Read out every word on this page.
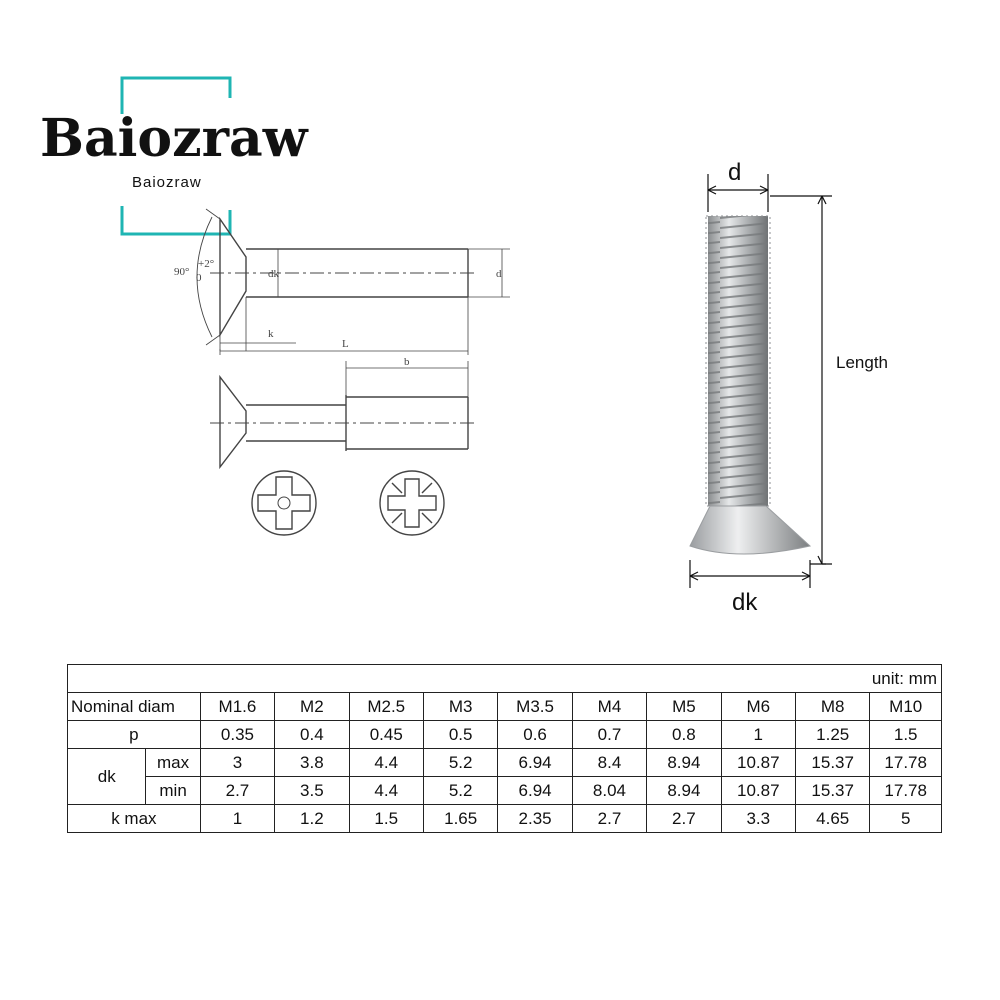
Baiozraw
Baiozraw
90°
+2°
0	dk	d
k
L
b
d
Length
dk
unit: mm											
Nominal diam		M1.6	M2	M2.5	M3	M3.5	M4	M5	M6	M8	M10
p		0.35	0.4	0.45	0.5	0.6	0.7	0.8	1	1.25	1.5
dk	max	3	3.8	4.4	5.2	6.94	8.4	8.94	10.87	15.37	17.78
	min	2.7	3.5	4.4	5.2	6.94	8.04	8.94	10.87	15.37	17.78
k max		1	1.2	1.5	1.65	2.35	2.7	2.7	3.3	4.65	5
